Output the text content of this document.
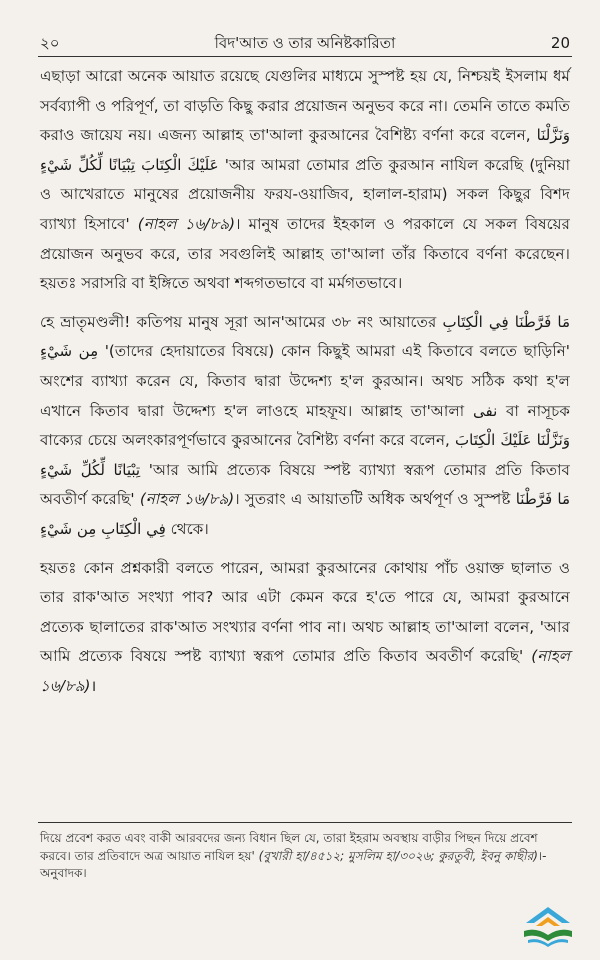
২০	বিদ'আত ও তার অনিষ্টকারিতা	20

এছাড়া আরো অনেক আয়াত রয়েছে যেগুলির মাধ্যমে সুস্পষ্ট হয় যে, নিশ্চয়ই ইসলাম ধর্ম সর্বব্যাপী ও পরিপূর্ণ, তা বাড়তি কিছু করার প্রয়োজন অনুভব করে না। তেমনি তাতে কমতি করাও জায়েয নয়। এজন্য আল্লাহ তা'আলা কুরআনের বৈশিষ্ট্য বর্ণনা করে বলেন, وَنَزَّلْنَا عَلَيْكَ الْكِتَابَ تِبْيَانًا لِّكُلِّ شَيْءٍ 'আর আমরা তোমার প্রতি কুরআন নাযিল করেছি (দুনিয়া ও আখেরাতে মানুষের প্রয়োজনীয় ফরয-ওয়াজিব, হালাল-হারাম) সকল কিছুর বিশদ ব্যাখ্যা হিসাবে' (নাহল ১৬/৮৯)। মানুষ তাদের ইহকাল ও পরকালে যে সকল বিষয়ের প্রয়োজন অনুভব করে, তার সবগুলিই আল্লাহ তা'আলা তাঁর কিতাবে বর্ণনা করেছেন। হয়তঃ সরাসরি বা ইঙ্গিতে অথবা শব্দগতভাবে বা মর্মগতভাবে।

হে ভ্রাতৃমণ্ডলী! কতিপয় মানুষ সূরা আন'আমের ৩৮ নং আয়াতের مَا فَرَّطْنَا فِي الْكِتَابِ مِن شَيْءٍ '(তাদের হেদায়াতের বিষয়ে) কোন কিছুই আমরা এই কিতাবে বলতে ছাড়িনি' অংশের ব্যাখ্যা করেন যে, কিতাব দ্বারা উদ্দেশ্য হ'ল কুরআন। অথচ সঠিক কথা হ'ল এখানে কিতাব দ্বারা উদ্দেশ্য হ'ল লাওহে মাহফূয। আল্লাহ তা'আলা نفى বা নাসূচক বাক্যের চেয়ে অলংকারপূর্ণভাবে কুরআনের বৈশিষ্ট্য বর্ণনা করে বলেন, وَنَزَّلْنَا عَلَيْكَ الْكِتَابَ تِبْيَانًا لِّكُلِّ شَيْءٍ 'আর আমি প্রত্যেক বিষয়ে স্পষ্ট ব্যাখ্যা স্বরূপ তোমার প্রতি কিতাব অবতীর্ণ করেছি' (নাহল ১৬/৮৯)। সুতরাং এ আয়াতটি অধিক অর্থপূর্ণ ও সুস্পষ্ট مَا فَرَّطْنَا فِي الْكِتَابِ مِن شَيْءٍ থেকে।

হয়তঃ কোন প্রশ্নকারী বলতে পারেন, আমরা কুরআনের কোথায় পাঁচ ওয়াক্ত ছালাত ও তার রাক'আত সংখ্যা পাব? আর এটা কেমন করে হ'তে পারে যে, আমরা কুরআনে প্রত্যেক ছালাতের রাক'আত সংখ্যার বর্ণনা পাব না। অথচ আল্লাহ তা'আলা বলেন, 'আর আমি প্রত্যেক বিষয়ে স্পষ্ট ব্যাখ্যা স্বরূপ তোমার প্রতি কিতাব অবতীর্ণ করেছি' (নাহল ১৬/৮৯)।

দিয়ে প্রবেশ করত এবং বাকী আরবদের জন্য বিধান ছিল যে, তারা ইহরাম অবস্থায় বাড়ীর পিছন দিয়ে প্রবেশ করবে। তার প্রতিবাদে অত্র আয়াত নাযিল হয়' (বুখারী হা/৪৫১২; মুসলিম হা/৩০২৬; কুরতুবী, ইবনু কাছীর)।-অনুবাদক।
